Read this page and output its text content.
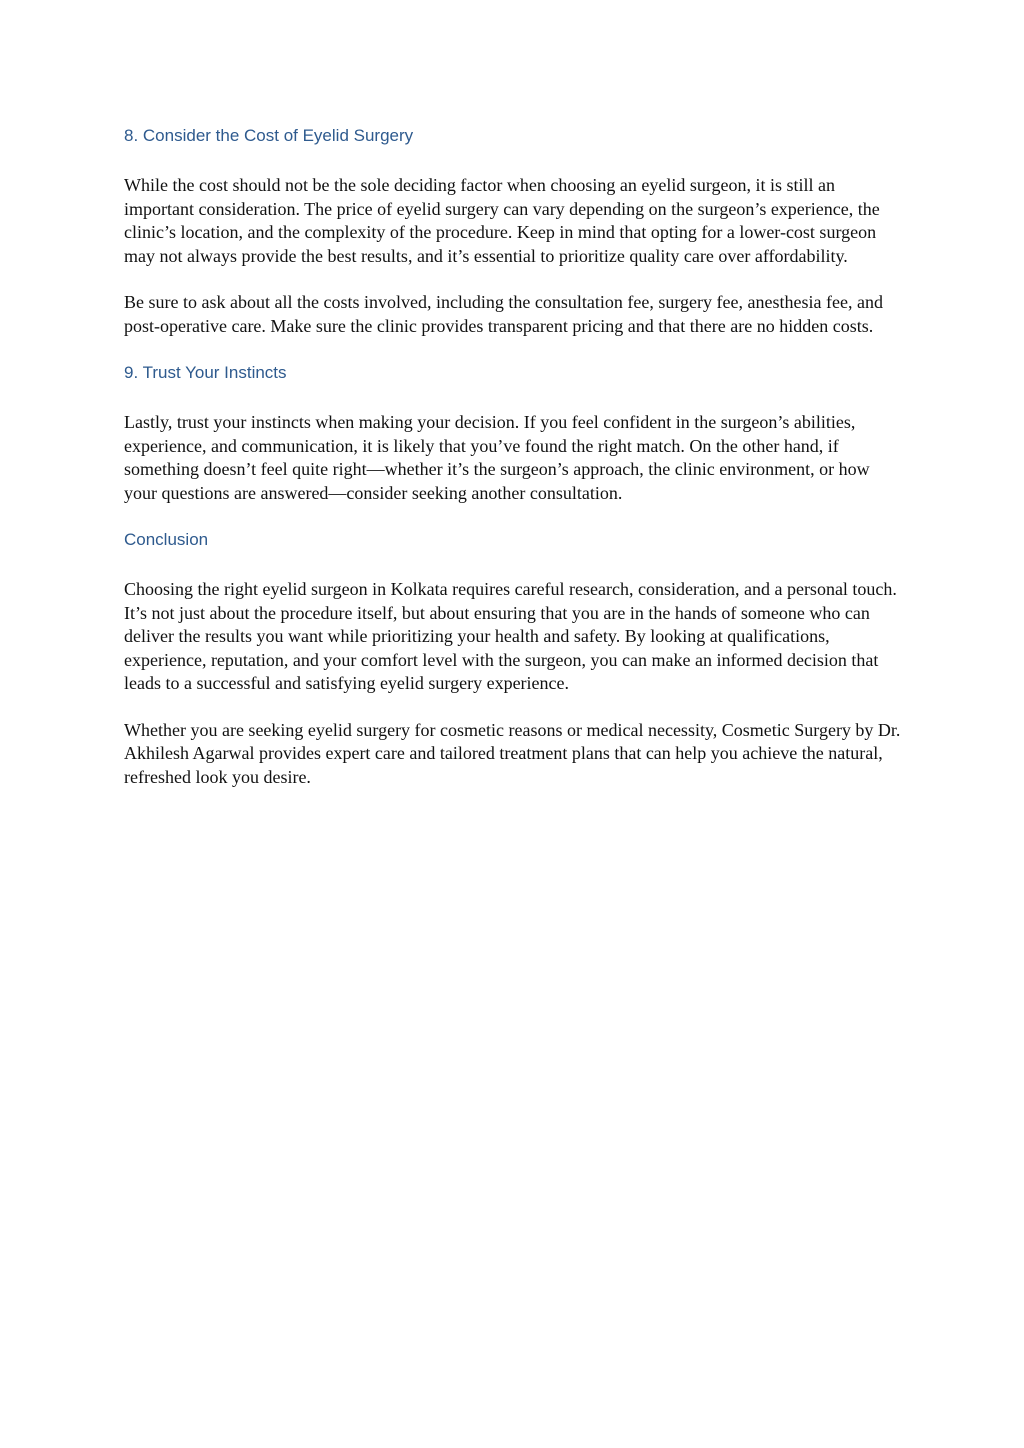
8. Consider the Cost of Eyelid Surgery

While the cost should not be the sole deciding factor when choosing an eyelid surgeon, it is still an important consideration. The price of eyelid surgery can vary depending on the surgeon’s experience, the clinic’s location, and the complexity of the procedure. Keep in mind that opting for a lower-cost surgeon may not always provide the best results, and it’s essential to prioritize quality care over affordability.

Be sure to ask about all the costs involved, including the consultation fee, surgery fee, anesthesia fee, and post-operative care. Make sure the clinic provides transparent pricing and that there are no hidden costs.

9. Trust Your Instincts

Lastly, trust your instincts when making your decision. If you feel confident in the surgeon’s abilities, experience, and communication, it is likely that you’ve found the right match. On the other hand, if something doesn’t feel quite right—whether it’s the surgeon’s approach, the clinic environment, or how your questions are answered—consider seeking another consultation.

Conclusion

Choosing the right eyelid surgeon in Kolkata requires careful research, consideration, and a personal touch. It’s not just about the procedure itself, but about ensuring that you are in the hands of someone who can deliver the results you want while prioritizing your health and safety. By looking at qualifications, experience, reputation, and your comfort level with the surgeon, you can make an informed decision that leads to a successful and satisfying eyelid surgery experience.

Whether you are seeking eyelid surgery for cosmetic reasons or medical necessity, Cosmetic Surgery by Dr. Akhilesh Agarwal provides expert care and tailored treatment plans that can help you achieve the natural, refreshed look you desire.
